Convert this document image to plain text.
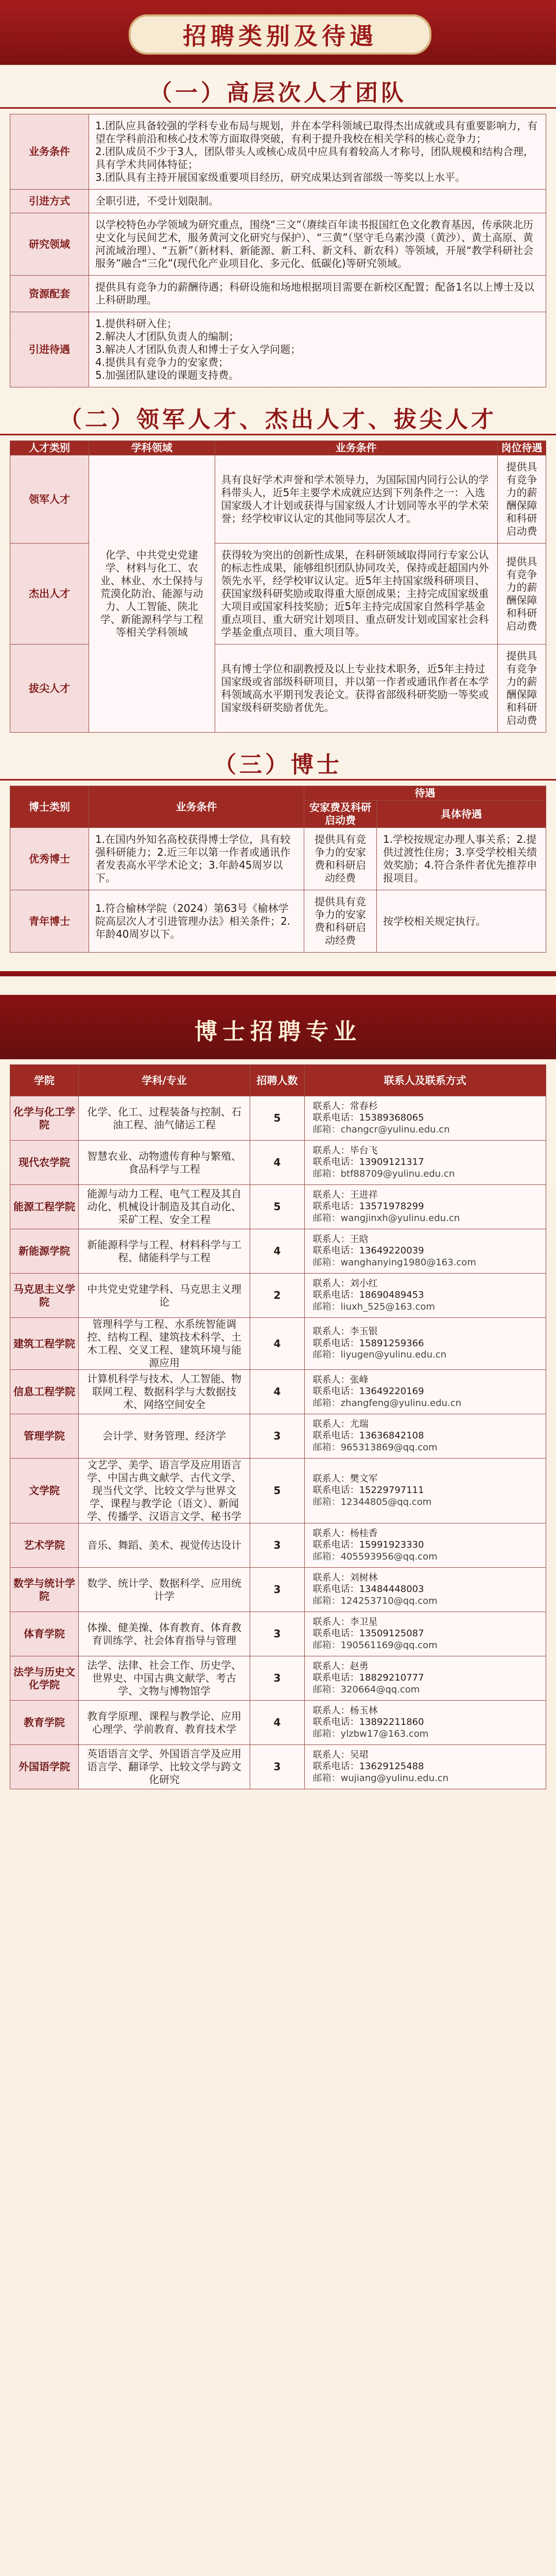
招聘类别及待遇
（一）高层次人才团队
业务条件	1.团队应具备较强的学科专业布局与规划，并在本学科领域已取得杰出成就或具有重要影响力，有望在学科前沿和核心技术等方面取得突破，有利于提升我校在相关学科的核心竞争力；
2.团队成员不少于3人，团队带头人或核心成员中应具有着较高人才称号，团队规模和结构合理，具有学术共同体特征；
3.团队具有主持开展国家级重要项目经历，研究成果达到省部级一等奖以上水平。

引进方式	全职引进，不受计划限制。

研究领域	以学校特色办学领域为研究重点，围绕“三文”（赓续百年读书报国红色文化教育基因，传承陕北历史文化与民间艺术，服务黄河文化研究与保护）、“三黄”（坚守毛乌素沙漠（黄沙）、黄土高原、黄河流域治理）、“五新”（新材料、新能源、新工科、新文科、新农科）等领域，开展“教学科研社会服务”融合“三化”(现代化产业项目化、多元化、低碳化)等研究领域。

资源配套	提供具有竞争力的薪酬待遇；科研设施和场地根据项目需要在新校区配置；配备1名以上博士及以上科研助理。

引进待遇	1.提供科研入住；
2.解决人才团队负责人的编制；
3.解决人才团队负责人和博士子女入学问题；
4.提供具有竞争力的安家费；
5.加强团队建设的课题支持费。
（二）领军人才、杰出人才、拔尖人才
人才类别	学科领域	业务条件	岗位待遇
领军人才	化学、中共党史党建学、材料与化工、农业、林业、水土保持与荒漠化防治、能源与动力、人工智能、陕北学、新能源科学与工程等相关学科领域	具有良好学术声誉和学术领导力，为国际国内同行公认的学科带头人，近5年主要学术成就应达到下列条件之一：入选国家级人才计划或获得与国家级人才计划同等水平的学术荣誉；经学校审议认定的其他同等层次人才。	提供具有竞争力的薪酬保障和科研启动费
杰出人才		获得较为突出的创新性成果，在科研领域取得同行专家公认的标志性成果，能够组织团队协同攻关，保持或赶超国内外领先水平，经学校审议认定。近5年主持国家级科研项目、获国家级科研奖励或取得重大原创成果；主持完成国家级重大项目或国家科技奖励；近5年主持完成国家自然科学基金重点项目、重大研究计划项目、重点研发计划或国家社会科学基金重点项目、重大项目等。	提供具有竞争力的薪酬保障和科研启动费
拔尖人才		具有博士学位和副教授及以上专业技术职务，近5年主持过国家级或省部级科研项目，并以第一作者或通讯作者在本学科领域高水平期刊发表论文。获得省部级科研奖励一等奖或国家级科研奖励者优先。	提供具有竞争力的薪酬保障和科研启动费
（三）博士
博士类别	业务条件	待遇	
		安家费及科研启动费	具体待遇
优秀博士	1.在国内外知名高校获得博士学位，具有较强科研能力；2.近三年以第一作者或通讯作者发表高水平学术论文；3.年龄45周岁以下。	提供具有竞争力的安家费和科研启动经费	1.学校按规定办理人事关系；2.提供过渡性住房；3.享受学校相关绩效奖励；4.符合条件者优先推荐申报项目。
青年博士	1.符合榆林学院（2024）第63号《榆林学院高层次人才引进管理办法》相关条件；2.年龄40周岁以下。	提供具有竞争力的安家费和科研启动经费	按学校相关规定执行。
博士招聘专业
学院	学科/专业	招聘人数	联系人及联系方式
化学与化工学院	化学、化工、过程装备与控制、石油工程、油气储运工程	5	联系人：常春杉
联系电话：15389368065
邮箱：changcr@yulinu.edu.cn

现代农学院	智慧农业、动物遗传育种与繁殖、食品科学与工程	4	联系人：毕台飞
联系电话：13909121317
邮箱：btf88709@yulinu.edu.cn

能源工程学院	能源与动力工程、电气工程及其自动化、机械设计制造及其自动化、采矿工程、安全工程	5	联系人：王进祥
联系电话：13571978299
邮箱：wangjinxh@yulinu.edu.cn

新能源学院	新能源科学与工程、材料科学与工程、储能科学与工程	4	联系人：王晗
联系电话：13649220039
邮箱：wanghanying1980@163.com

马克思主义学院	中共党史党建学科、马克思主义理论	2	联系人：刘小红
联系电话：18690489453
邮箱：liuxh_525@163.com

建筑工程学院	管理科学与工程、水系统智能调控、结构工程、建筑技术科学、土木工程、交叉工程、建筑环境与能源应用	4	联系人：李玉银
联系电话：15891259366
邮箱：liyugen@yulinu.edu.cn

信息工程学院	计算机科学与技术、人工智能、物联网工程、数据科学与大数据技术、网络空间安全	4	联系人：张峰
联系电话：13649220169
邮箱：zhangfeng@yulinu.edu.cn

管理学院	会计学、财务管理、经济学	3	联系人：尤瑞
联系电话：13636842108
邮箱：965313869@qq.com

文学院	文艺学、美学、语言学及应用语言学、中国古典文献学、古代文学、现当代文学、比较文学与世界文学、课程与教学论（语文）、新闻学、传播学、汉语言文学、秘书学	5	联系人：樊文军
联系电话：15229797111
邮箱：12344805@qq.com

艺术学院	音乐、舞蹈、美术、视觉传达设计	3	联系人：杨桂香
联系电话：15991923330
邮箱：405593956@qq.com

数学与统计学院	数学、统计学、数据科学、应用统计学	3	联系人：刘树林
联系电话：13484448003
邮箱：124253710@qq.com

体育学院	体操、健美操、体育教育、体育教育训练学、社会体育指导与管理	3	联系人：李卫星
联系电话：13509125087
邮箱：190561169@qq.com

法学与历史文化学院	法学、法律、社会工作、历史学、世界史、中国古典文献学、考古学、文物与博物馆学	3	联系人：赵勇
联系电话：18829210777
邮箱：320664@qq.com

教育学院	教育学原理、课程与教学论、应用心理学、学前教育、教育技术学	4	联系人：杨玉林
联系电话：13892211860
邮箱：ylzbw17@163.com

外国语学院	英语语言文学、外国语言学及应用语言学、翻译学、比较文学与跨文化研究	3	联系人：吴珺
联系电话：13629125488
邮箱：wujiang@yulinu.edu.cn
